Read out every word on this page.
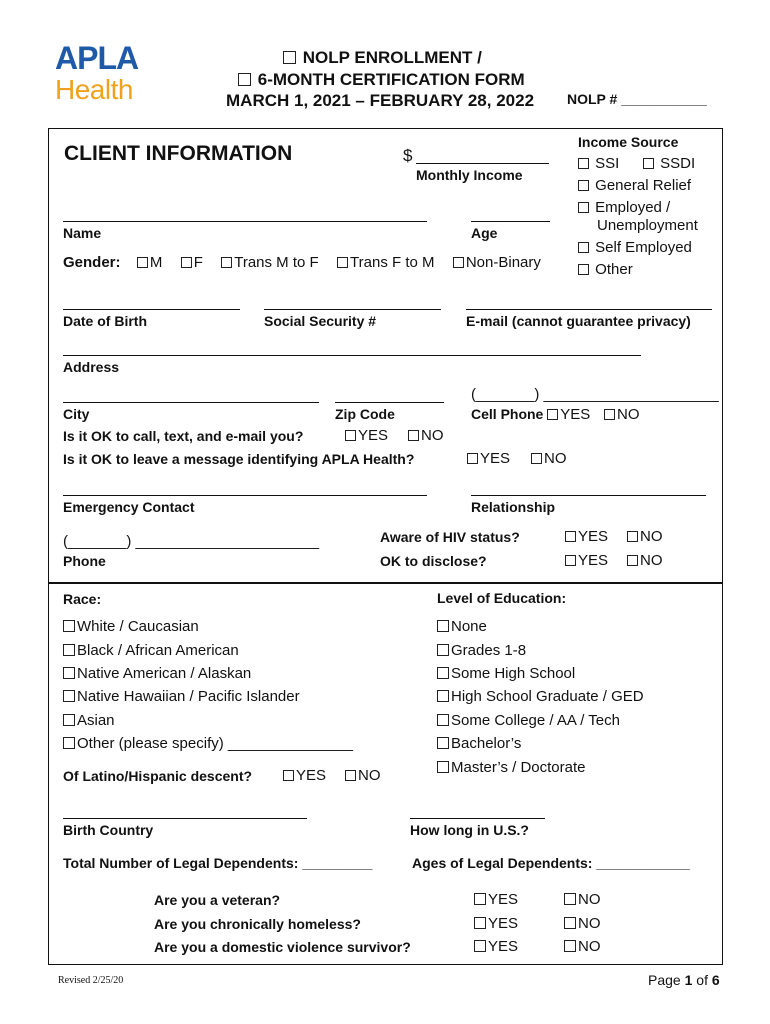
APLA
Health
NOLP ENROLLMENT /
6-MONTH CERTIFICATION FORM
MARCH 1, 2021 – FEBRUARY 28, 2022 NOLP # ___________
CLIENT INFORMATION	$
Monthly Income
Income Source
SSI	SSDI
General Relief
Employed /
Unemployment
Self Employed
Other
Name	Age
Gender: M F Trans M to F Trans F to M Non-Binary
Date of Birth	Social Security #	E-mail (cannot guarantee privacy)
Address
City	Zip Code
(_______) _____________________
Cell Phone YES NO
Is it OK to call, text, and e-mail you?	YES	NO
Is it OK to leave a message identifying APLA Health?	YES	NO
Emergency Contact	Relationship
(_______) ______________________
Phone
Aware of HIV status?	YES	NO
OK to disclose?	YES	NO
Race:	Level of Education:
White / Caucasian
Black / African American
Native American / Alaskan
Native Hawaiian / Pacific Islander
Asian
Other (please specify) _______________
None
Grades 1-8
Some High School
High School Graduate / GED
Some College / AA / Tech
Bachelor’s
Master’s / Doctorate
Of Latino/Hispanic descent?	YES	NO
Birth Country	How long in U.S.?
Total Number of Legal Dependents: _________	Ages of Legal Dependents: ____________
Are you a veteran?	YES	NO
Are you chronically homeless?	YES	NO
Are you a domestic violence survivor?	YES	NO
Revised 2/25/20	Page 1 of 6
